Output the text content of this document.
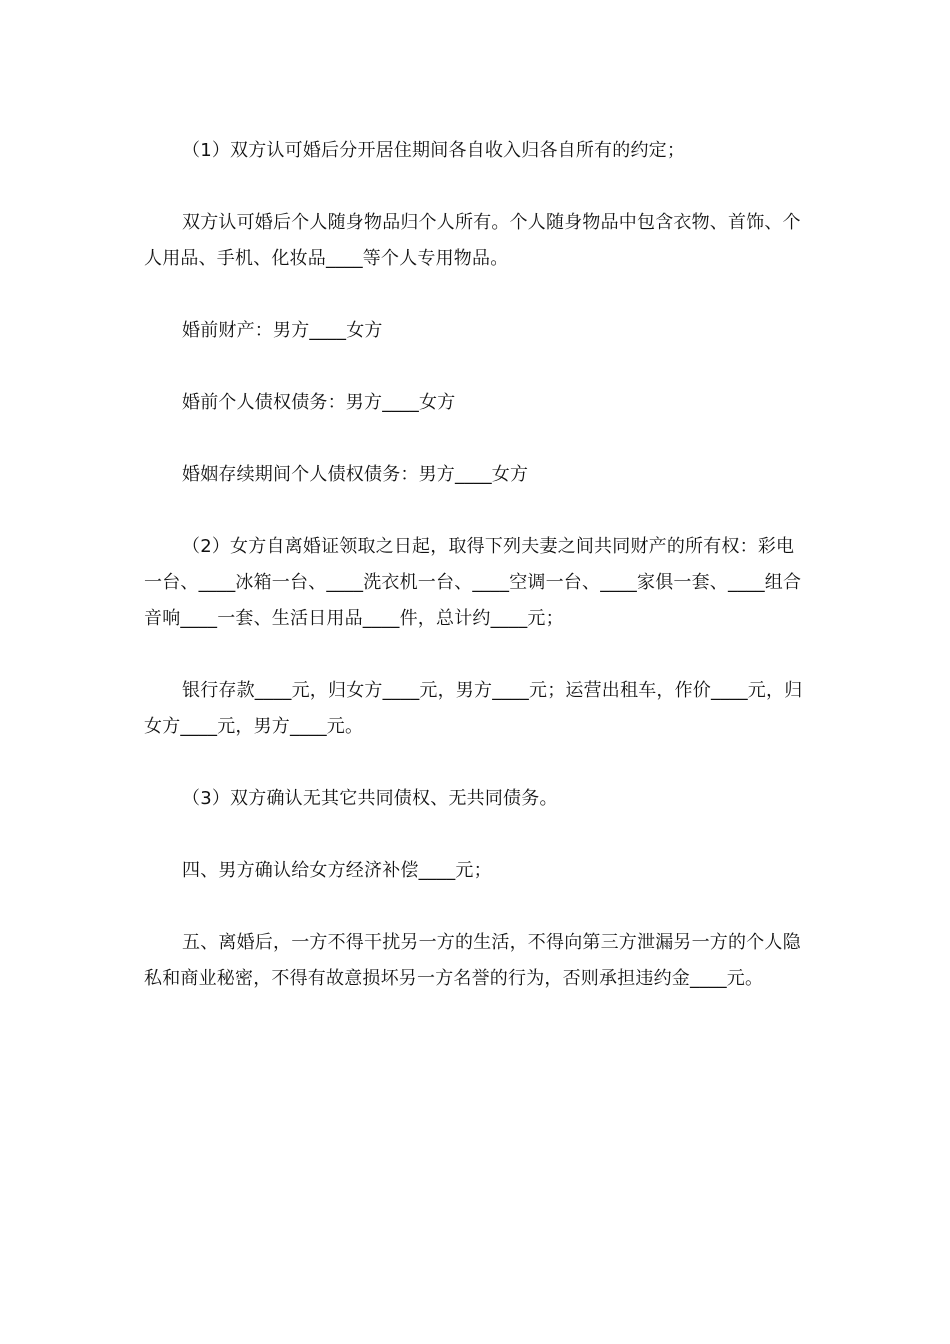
（1）双方认可婚后分开居住期间各自收入归各自所有的约定；

双方认可婚后个人随身物品归个人所有。个人随身物品中包含衣物、首饰、个人用品、手机、化妆品____等个人专用物品。

婚前财产：男方____女方

婚前个人债权债务：男方____女方

婚姻存续期间个人债权债务：男方____女方

（2）女方自离婚证领取之日起，取得下列夫妻之间共同财产的所有权：彩电一台、____冰箱一台、____洗衣机一台、____空调一台、____家俱一套、____组合音响____一套、生活日用品____件，总计约____元；

银行存款____元，归女方____元，男方____元；运营出租车，作价____元，归女方____元，男方____元。

（3）双方确认无其它共同债权、无共同债务。

四、男方确认给女方经济补偿____元；

五、离婚后，一方不得干扰另一方的生活，不得向第三方泄漏另一方的个人隐私和商业秘密，不得有故意损坏另一方名誉的行为，否则承担违约金____元。
